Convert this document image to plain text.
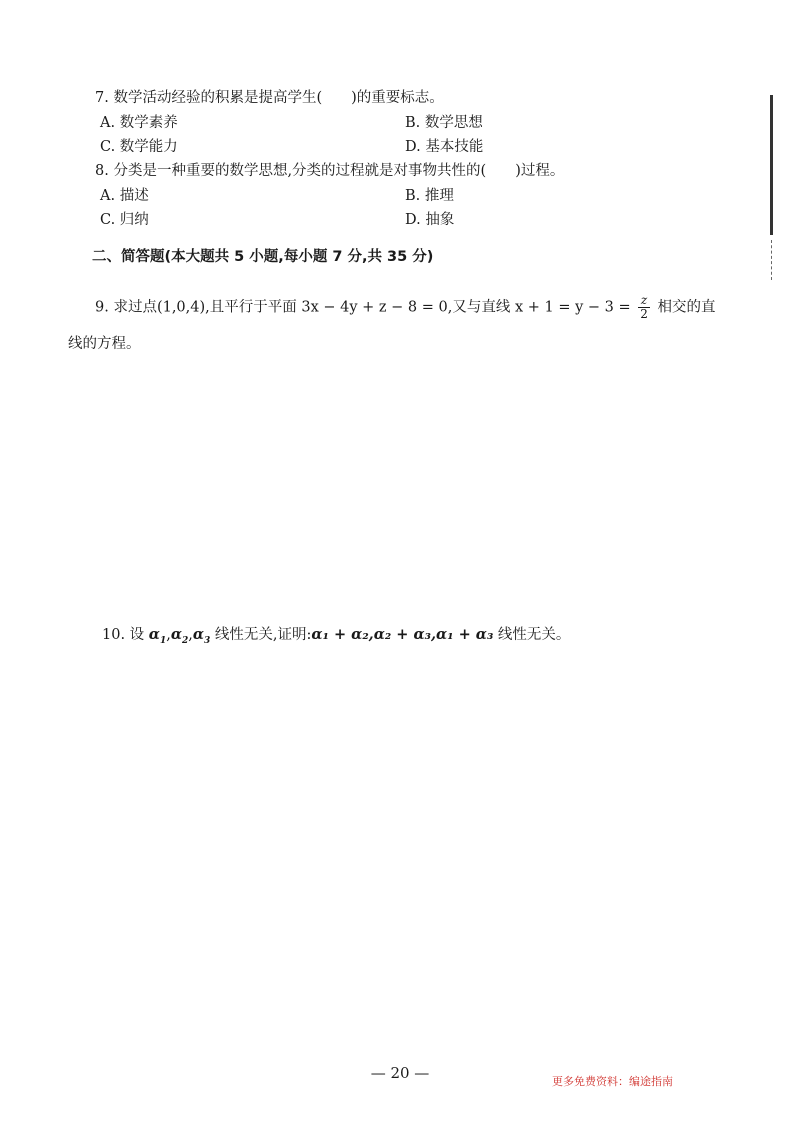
7. 数学活动经验的积累是提高学生(　　)的重要标志。
A. 数学素养	B. 数学思想
C. 数学能力	D. 基本技能
8. 分类是一种重要的数学思想,分类的过程就是对事物共性的(　　)过程。
A. 描述	B. 推理
C. 归纳	D. 抽象
二、简答题(本大题共 5 小题,每小题 7 分,共 35 分)
9. 求过点(1,0,4),且平行于平面 3x − 4y + z − 8 = 0,又与直线 $x + 1 = y - 3 = \frac{z}{2}$ 相交的直
线的方程。
10. 设 $\alpha_1,\alpha_2,\alpha_3$ 线性无关,证明:α₁ + α₂,α₂ + α₃,α₁ + α₃ 线性无关。
— 20 —	更多免费资料：编途指南
